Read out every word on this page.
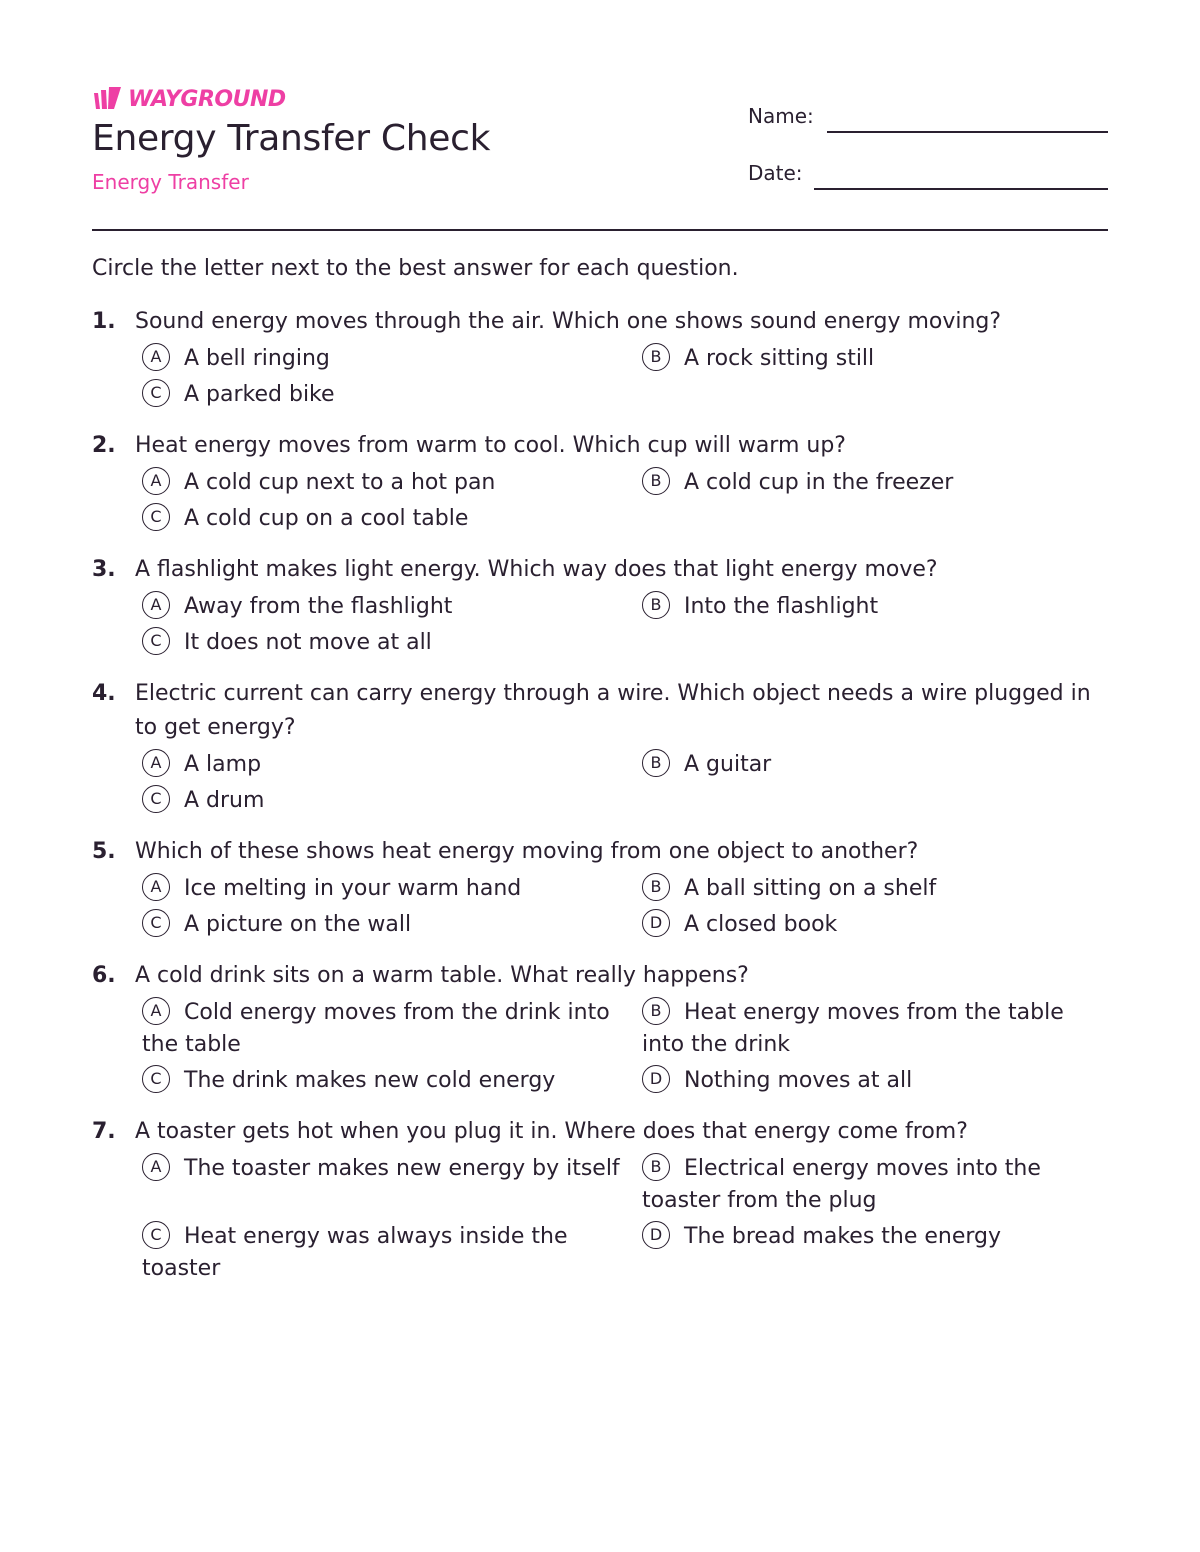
WAYGROUND
Energy Transfer Check
Energy Transfer
Name:
Date:
Circle the letter next to the best answer for each question.
1. Sound energy moves through the air. Which one shows sound energy moving?
A A bell ringing	B A rock sitting still
C A parked bike
2. Heat energy moves from warm to cool. Which cup will warm up?
A A cold cup next to a hot pan	B A cold cup in the freezer
C A cold cup on a cool table
3. A flashlight makes light energy. Which way does that light energy move?
A Away from the flashlight	B Into the flashlight
C It does not move at all
4. Electric current can carry energy through a wire. Which object needs a wire plugged in to get energy?
A A lamp	B A guitar
C A drum
5. Which of these shows heat energy moving from one object to another?
A Ice melting in your warm hand	B A ball sitting on a shelf
C A picture on the wall	D A closed book
6. A cold drink sits on a warm table. What really happens?
A Cold energy moves from the drink into the table
B Heat energy moves from the table into the drink
C The drink makes new cold energy	D Nothing moves at all
7. A toaster gets hot when you plug it in. Where does that energy come from?
A The toaster makes new energy by itself	B Electrical energy moves into the toaster from the plug
C Heat energy was always inside the toaster
D The bread makes the energy
